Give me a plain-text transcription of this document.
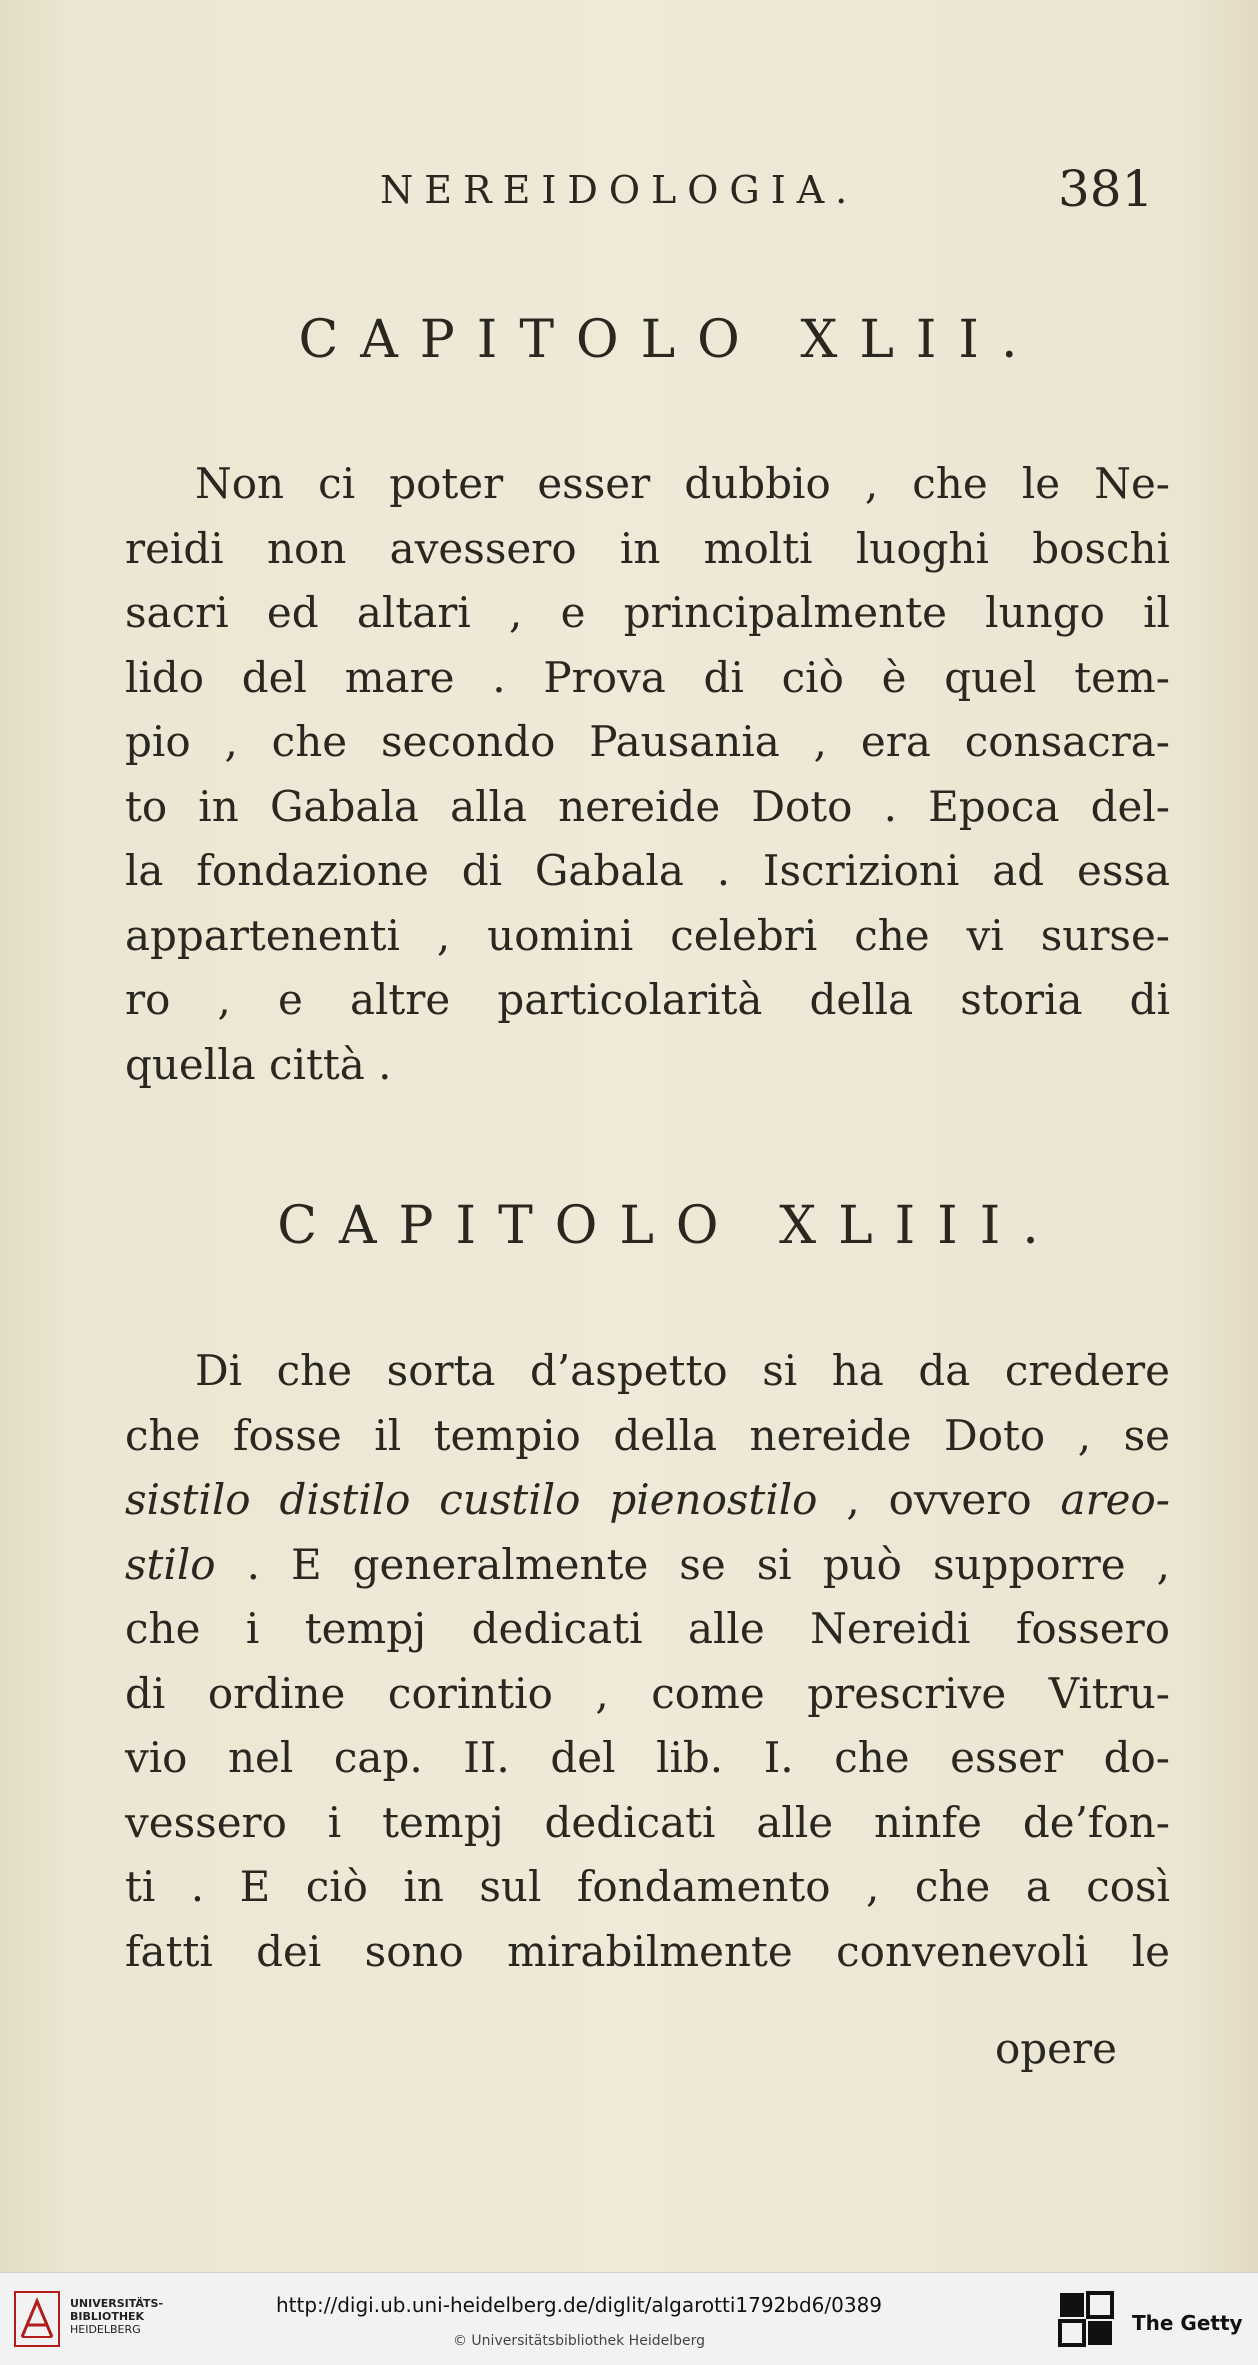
NEREIDOLOGIA.	381
CAPITOLO XLII.
Non ci poter esser dubbio , che le Ne-
reidi non avessero in molti luoghi boschi
sacri ed altari , e principalmente lungo il
lido del mare . Prova di ciò è quel tem-
pio , che secondo Pausania , era consacra-
to in Gabala alla nereide Doto . Epoca del-
la fondazione di Gabala . Iscrizioni ad essa
appartenenti , uomini celebri che vi surse-
ro , e altre particolarità della storia di
quella città .
CAPITOLO XLIII.
Di che sorta d’aspetto si ha da credere
che fosse il tempio della nereide Doto , se
sistilo distilo custilo pienostilo , ovvero areo-
stilo . E generalmente se si può supporre ,
che i tempj dedicati alle Nereidi fossero
di ordine corintio , come prescrive Vitru-
vio nel cap. II. del lib. I. che esser do-
vessero i tempj dedicati alle ninfe de’fon-
ti . E ciò in sul fondamento , che a così
fatti dei sono mirabilmente convenevoli le
opere
UNIVERSITÄTS-
BIBLIOTHEK
HEIDELBERG
http://digi.ub.uni-heidelberg.de/diglit/algarotti1792bd6/0389
© Universitätsbibliothek Heidelberg
The Getty
